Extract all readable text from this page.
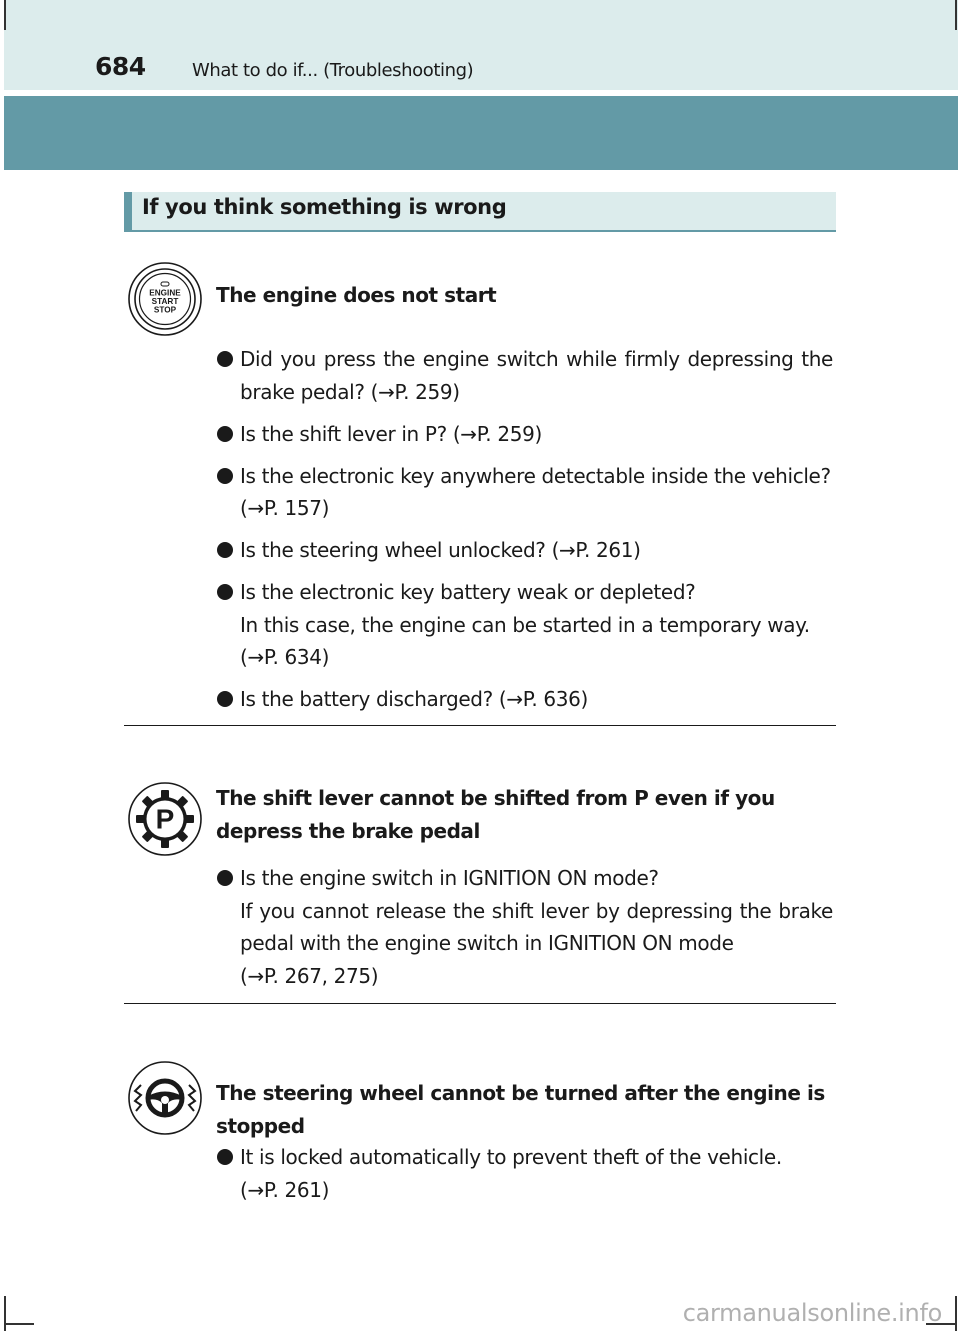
684	What to do if... (Troubleshooting)
If you think something is wrong
ENGINE
START
STOP
The engine does not start
Did you press the engine switch while firmly depressing the
brake pedal? (→P. 259)
Is the shift lever in P? (→P. 259)
Is the electronic key anywhere detectable inside the vehicle?
(→P. 157)
Is the steering wheel unlocked? (→P. 261)
Is the electronic key battery weak or depleted?
In this case, the engine can be started in a temporary way.
(→P. 634)
Is the battery discharged? (→P. 636)
P
The shift lever cannot be shifted from P even if you depress the brake pedal
Is the engine switch in IGNITION ON mode?
If you cannot release the shift lever by depressing the brake
pedal with the engine switch in IGNITION ON mode
(→P. 267, 275)
The steering wheel cannot be turned after the engine is stopped
It is locked automatically to prevent theft of the vehicle.
(→P. 261)
carmanualsonline.info
